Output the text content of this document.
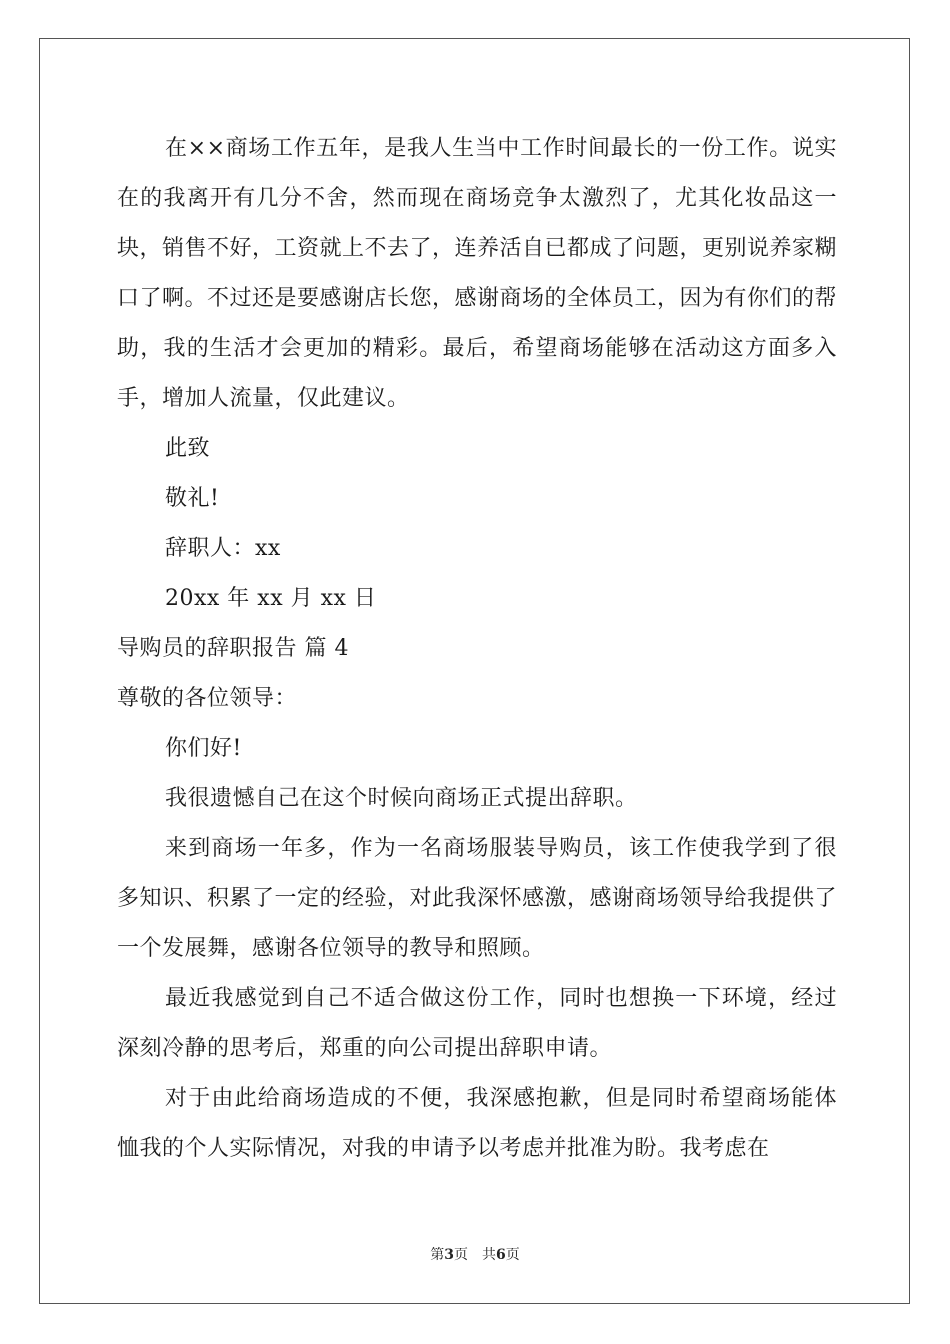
在××商场工作五年，是我人生当中工作时间最长的一份工作。说实在的我离开有几分不舍，然而现在商场竞争太激烈了，尤其化妆品这一块，销售不好，工资就上不去了，连养活自已都成了问题，更别说养家糊口了啊。不过还是要感谢店长您，感谢商场的全体员工，因为有你们的帮助，我的生活才会更加的精彩。最后，希望商场能够在活动这方面多入手，增加人流量，仅此建议。

此致

敬礼!

辞职人：xx

20xx 年 xx 月 xx 日

导购员的辞职报告 篇 4

尊敬的各位领导：

你们好!

我很遗憾自己在这个时候向商场正式提出辞职。

来到商场一年多，作为一名商场服装导购员，该工作使我学到了很多知识、积累了一定的经验，对此我深怀感激，感谢商场领导给我提供了一个发展舞，感谢各位领导的教导和照顾。

最近我感觉到自己不适合做这份工作，同时也想换一下环境，经过深刻冷静的思考后，郑重的向公司提出辞职申请。

对于由此给商场造成的不便，我深感抱歉，但是同时希望商场能体恤我的个人实际情况，对我的申请予以考虑并批准为盼。我考虑在

第3页 共6页
